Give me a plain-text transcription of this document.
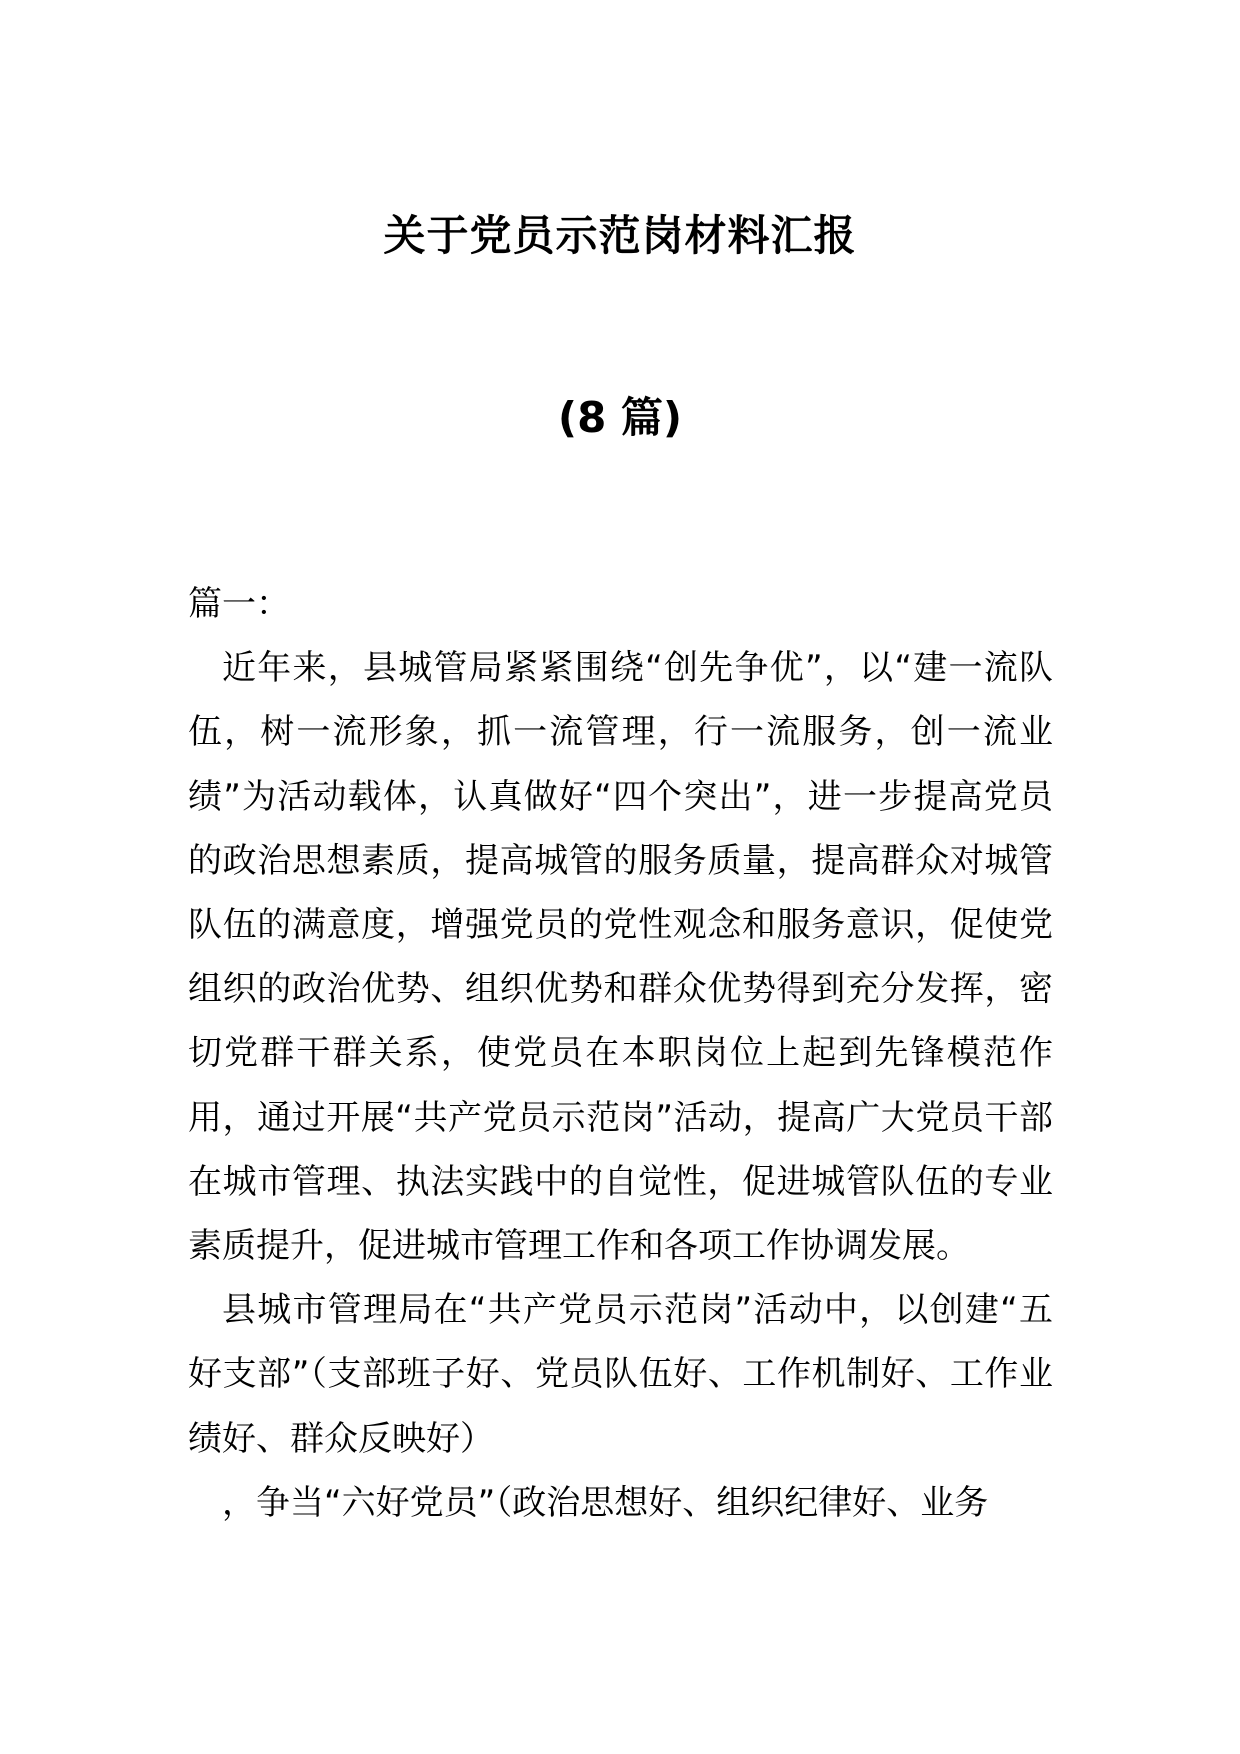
关于党员示范岗材料汇报
(8 篇)

篇一：

近年来，县城管局紧紧围绕“创先争优”，以“建一流队伍，树一流形象，抓一流管理，行一流服务，创一流业绩”为活动载体，认真做好“四个突出”，进一步提高党员的政治思想素质，提高城管的服务质量，提高群众对城管队伍的满意度，增强党员的党性观念和服务意识，促使党组织的政治优势、组织优势和群众优势得到充分发挥，密切党群干群关系，使党员在本职岗位上起到先锋模范作用，通过开展“共产党员示范岗”活动，提高广大党员干部在城市管理、执法实践中的自觉性，促进城管队伍的专业素质提升，促进城市管理工作和各项工作协调发展。

县城市管理局在“共产党员示范岗”活动中，以创建“五好支部”（支部班子好、党员队伍好、工作机制好、工作业绩好、群众反映好）

，争当“六好党员”（政治思想好、组织纪律好、业务
